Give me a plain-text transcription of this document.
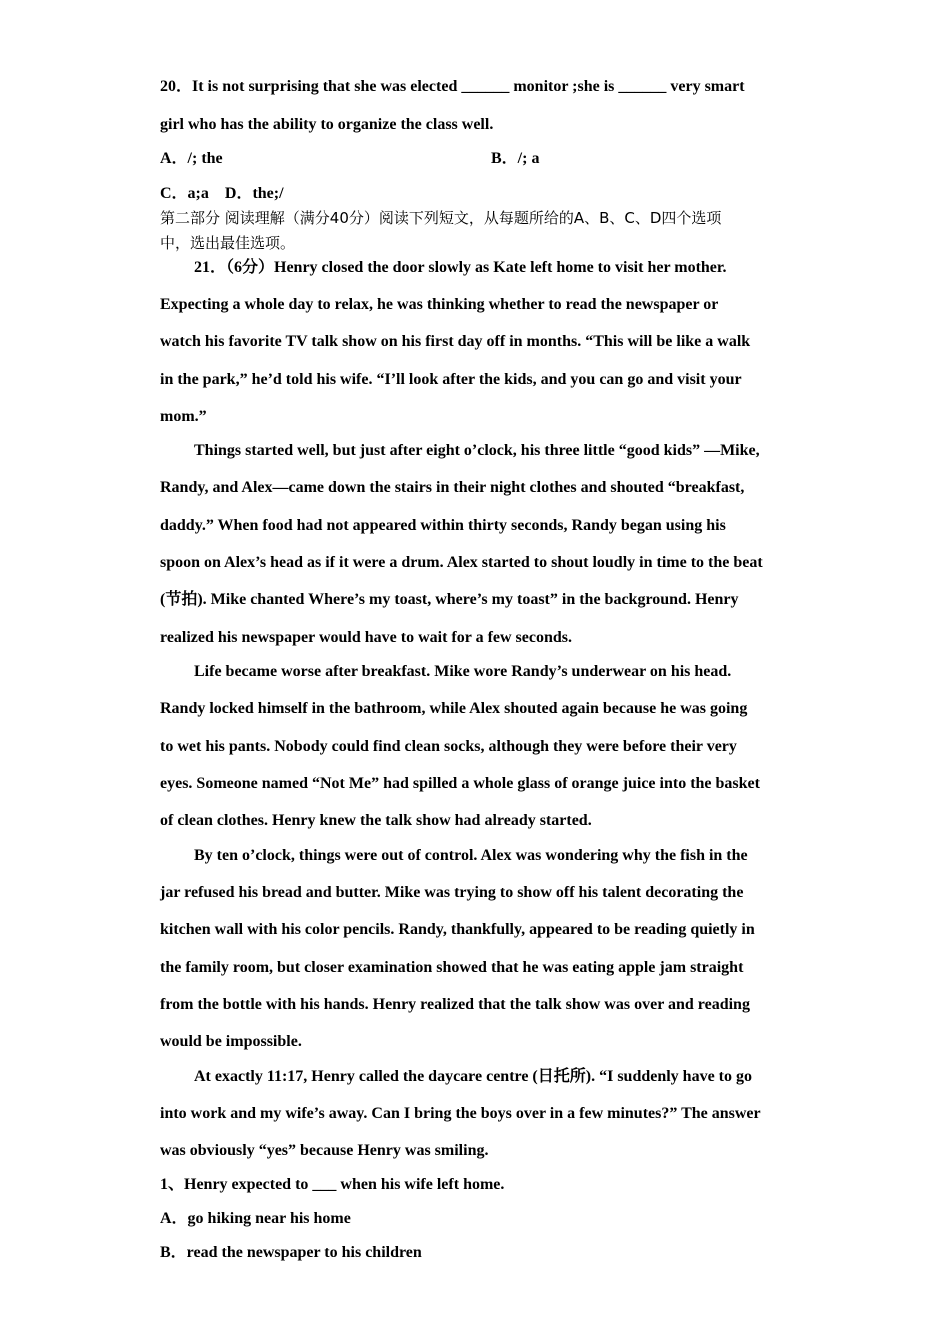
20．It is not surprising that she was elected ______ monitor ;she is ______ very smart
girl who has the ability to organize the class well.
A．/; the	B．/; a
C．a;a    D．the;/
第二部分 阅读理解（满分40分）阅读下列短文，从每题所给的A、B、C、D四个选项
中，选出最佳选项。
21．（6分）Henry closed the door slowly as Kate left home to visit her mother.
Expecting a whole day to relax, he was thinking whether to read the newspaper or
watch his favorite TV talk show on his first day off in months. “This will be like a walk
in the park,” he’d told his wife. “I’ll look after the kids, and you can go and visit your
mom.”
Things started well, but just after eight o’clock, his three little “good kids” —Mike,
Randy, and Alex—came down the stairs in their night clothes and shouted “breakfast,
daddy.” When food had not appeared within thirty seconds, Randy began using his
spoon on Alex’s head as if it were a drum. Alex started to shout loudly in time to the beat
(节拍). Mike chanted Where’s my toast, where’s my toast” in the background. Henry
realized his newspaper would have to wait for a few seconds.
Life became worse after breakfast. Mike wore Randy’s underwear on his head.
Randy locked himself in the bathroom, while Alex shouted again because he was going
to wet his pants. Nobody could find clean socks, although they were before their very
eyes. Someone named “Not Me” had spilled a whole glass of orange juice into the basket
of clean clothes. Henry knew the talk show had already started.
By ten o’clock, things were out of control. Alex was wondering why the fish in the
jar refused his bread and butter. Mike was trying to show off his talent decorating the
kitchen wall with his color pencils. Randy, thankfully, appeared to be reading quietly in
the family room, but closer examination showed that he was eating apple jam straight
from the bottle with his hands. Henry realized that the talk show was over and reading
would be impossible.
At exactly 11:17, Henry called the daycare centre (日托所). “I suddenly have to go
into work and my wife’s away. Can I bring the boys over in a few minutes?” The answer
was obviously “yes” because Henry was smiling.
1、Henry expected to ___ when his wife left home.
A．go hiking near his home
B．read the newspaper to his children
